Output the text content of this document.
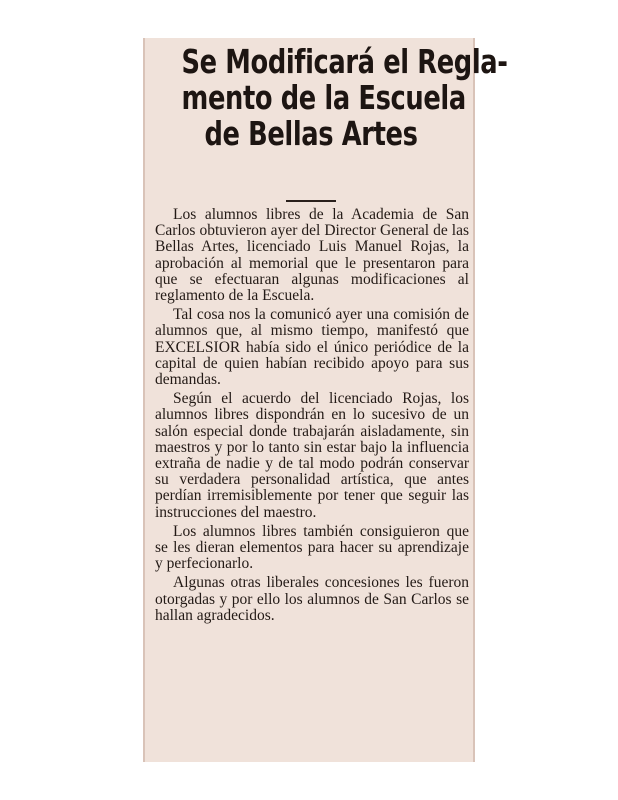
Se Modificará el Regla-
mento de la Escuela
de Bellas Artes

Los alumnos libres de la Academia de San Carlos obtuvieron ayer del Director General de las Bellas Artes, licenciado Luis Manuel Rojas, la aprobación al memorial que le presentaron para que se efectuaran algunas modificaciones al reglamento de la Escuela.

Tal cosa nos la comunicó ayer una comisión de alumnos que, al mismo tiempo, manifestó que EXCELSIOR había sido el único periódice de la capital de quien habían recibido apoyo para sus demandas.

Según el acuerdo del licenciado Rojas, los alumnos libres dispondrán en lo sucesivo de un salón especial donde trabajarán aisladamente, sin maestros y por lo tanto sin estar bajo la influencia extraña de nadie y de tal modo podrán conservar su verdadera personalidad artística, que antes perdían irremisiblemente por tener que seguir las instrucciones del maestro.

Los alumnos libres también consiguieron que se les dieran elementos para hacer su aprendizaje y perfecionarlo.

Algunas otras liberales concesiones les fueron otorgadas y por ello los alumnos de San Carlos se hallan agradecidos.
